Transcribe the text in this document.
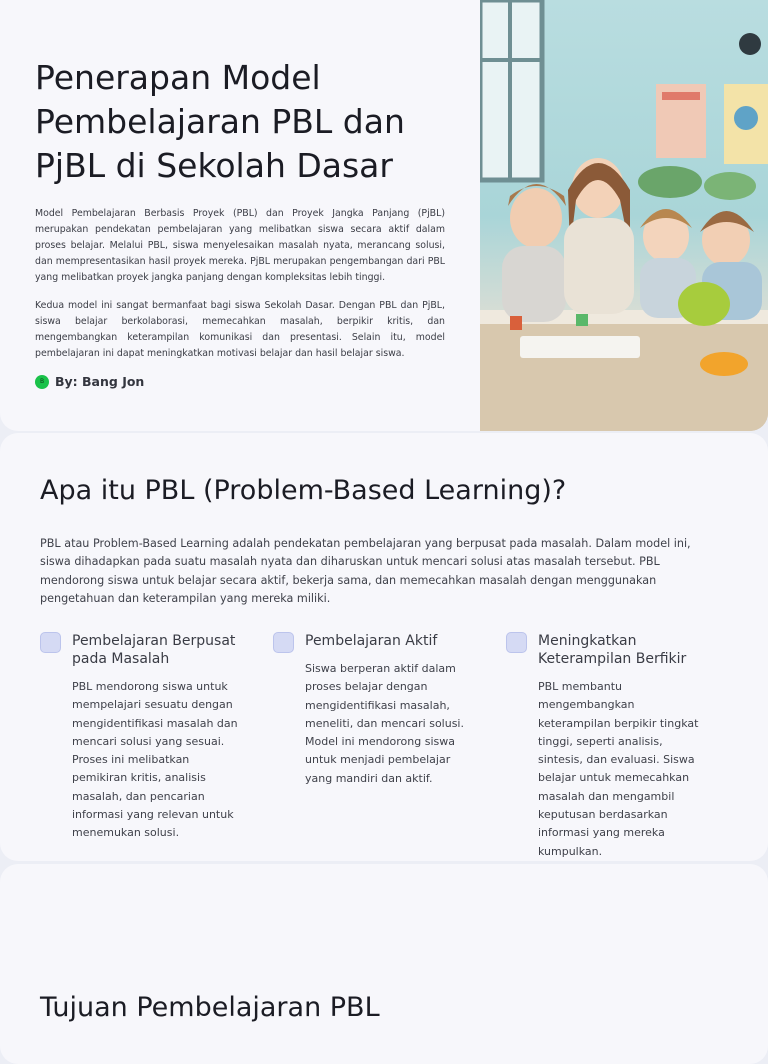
Penerapan Model Pembelajaran PBL dan PjBL di Sekolah Dasar

Model Pembelajaran Berbasis Proyek (PBL) dan Proyek Jangka Panjang (PjBL) merupakan pendekatan pembelajaran yang melibatkan siswa secara aktif dalam proses belajar. Melalui PBL, siswa menyelesaikan masalah nyata, merancang solusi, dan mempresentasikan hasil proyek mereka. PjBL merupakan pengembangan dari PBL yang melibatkan proyek jangka panjang dengan kompleksitas lebih tinggi.

Kedua model ini sangat bermanfaat bagi siswa Sekolah Dasar. Dengan PBL dan PjBL, siswa belajar berkolaborasi, memecahkan masalah, berpikir kritis, dan mengembangkan keterampilan komunikasi dan presentasi. Selain itu, model pembelajaran ini dapat meningkatkan motivasi belajar dan hasil belajar siswa.

B By: Bang Jon
Apa itu PBL (Problem-Based Learning)?

PBL atau Problem-Based Learning adalah pendekatan pembelajaran yang berpusat pada masalah. Dalam model ini, siswa dihadapkan pada suatu masalah nyata dan diharuskan untuk mencari solusi atas masalah tersebut. PBL mendorong siswa untuk belajar secara aktif, bekerja sama, dan memecahkan masalah dengan menggunakan pengetahuan dan keterampilan yang mereka miliki.

Pembelajaran Berpusat pada Masalah

PBL mendorong siswa untuk mempelajari sesuatu dengan mengidentifikasi masalah dan mencari solusi yang sesuai. Proses ini melibatkan pemikiran kritis, analisis masalah, dan pencarian informasi yang relevan untuk menemukan solusi.

Pembelajaran Aktif

Siswa berperan aktif dalam proses belajar dengan mengidentifikasi masalah, meneliti, dan mencari solusi. Model ini mendorong siswa untuk menjadi pembelajar yang mandiri dan aktif.

Meningkatkan Keterampilan Berfikir

PBL membantu mengembangkan keterampilan berpikir tingkat tinggi, seperti analisis, sintesis, dan evaluasi. Siswa belajar untuk memecahkan masalah dan mengambil keputusan berdasarkan informasi yang mereka kumpulkan.

Tujuan Pembelajaran PBL
